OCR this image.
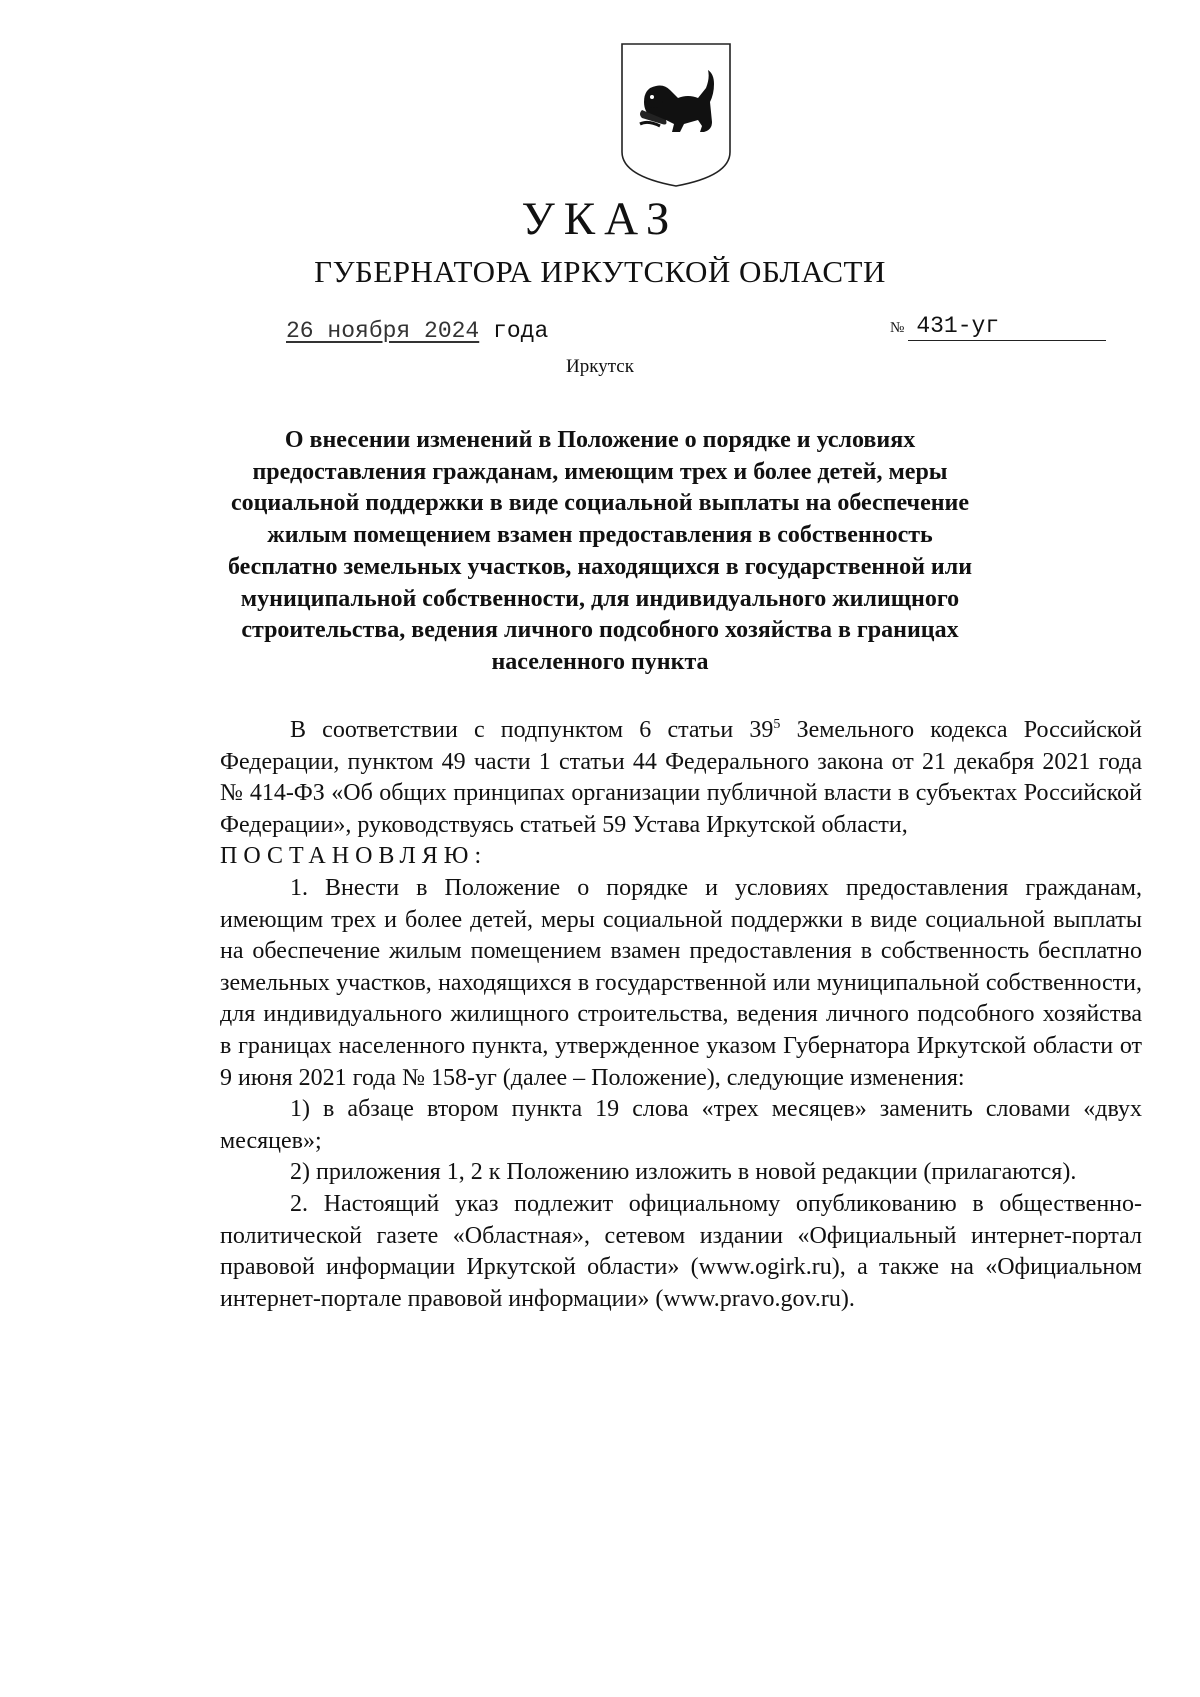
УКАЗ
ГУБЕРНАТОРА ИРКУТСКОЙ ОБЛАСТИ
26 ноября 2024 года	№ 431-уг
Иркутск
О внесении изменений в Положение о порядке и условиях
предоставления гражданам, имеющим трех и более детей, меры
социальной поддержки в виде социальной выплаты на обеспечение
жилым помещением взамен предоставления в собственность
бесплатно земельных участков, находящихся в государственной или
муниципальной собственности, для индивидуального жилищного
строительства, ведения личного подсобного хозяйства в границах
населенного пункта

В соответствии с подпунктом 6 статьи $39^5$ Земельного кодекса Российской Федерации, пунктом 49 части 1 статьи 44 Федерального закона от 21 декабря 2021 года № 414-ФЗ «Об общих принципах организации публичной власти в субъектах Российской Федерации», руководствуясь статьей 59 Устава Иркутской области,

ПОСТАНОВЛЯЮ:

1. Внести в Положение о порядке и условиях предоставления гражданам, имеющим трех и более детей, меры социальной поддержки в виде социальной выплаты на обеспечение жилым помещением взамен предоставления в собственность бесплатно земельных участков, находящихся в государственной или муниципальной собственности, для индивидуального жилищного строительства, ведения личного подсобного хозяйства в границах населенного пункта, утвержденное указом Губернатора Иркутской области от 9 июня 2021 года № 158-уг (далее – Положение), следующие изменения:

1) в абзаце втором пункта 19 слова «трех месяцев» заменить словами «двух месяцев»;

2) приложения 1, 2 к Положению изложить в новой редакции (прилагаются).

2. Настоящий указ подлежит официальному опубликованию в общественно-политической газете «Областная», сетевом издании «Официальный интернет-портал правовой информации Иркутской области» (www.ogirk.ru), а также на «Официальном интернет-портале правовой информации» (www.pravo.gov.ru).
